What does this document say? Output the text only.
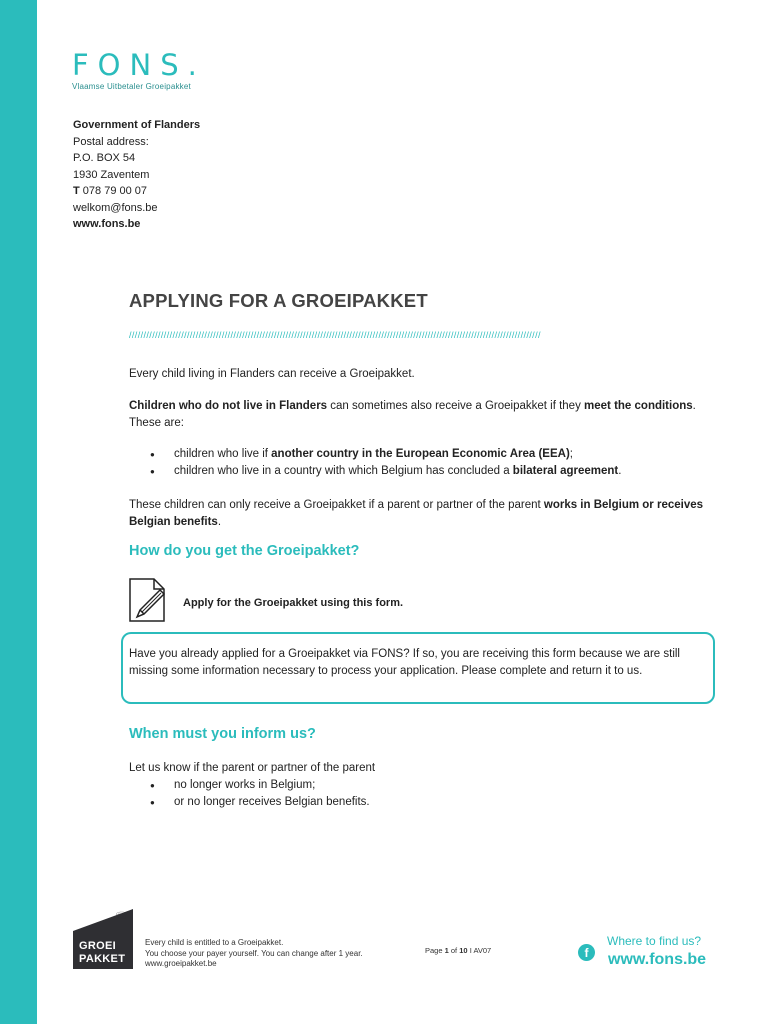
FONS.
Vlaamse Uitbetaler Groeipakket
Government of Flanders
Postal address:
P.O. BOX 54
1930 Zaventem
T 078 79 00 07
welkom@fons.be
www.fons.be
APPLYING FOR A GROEIPAKKET
//////////////////////////////////////////////////////////////////////////////////////////////////////////////////////////////////////////////

Every child living in Flanders can receive a Groeipakket.

Children who do not live in Flanders can sometimes also receive a Groeipakket if they meet the conditions. These are:

● children who live if another country in the European Economic Area (EEA);
● children who live in a country with which Belgium has concluded a bilateral agreement.

These children can only receive a Groeipakket if a parent or partner of the parent works in Belgium or receives Belgian benefits.

How do you get the Groeipakket?
Apply for the Groeipakket using this form.

Have you already applied for a Groeipakket via FONS? If so, you are receiving this form because we are still missing some information necessary to process your application. Please complete and return it to us.

When must you inform us?

Let us know if the parent or partner of the parent

● no longer works in Belgium;
● or no longer receives Belgian benefits.
☏
GROEI
PAKKET
Every child is entitled to a Groeipakket.
You choose your payer yourself. You can change after 1 year.
www.groeipakket.be
Page 1 of 10 I AV07	f
Where to find us?
www.fons.be
